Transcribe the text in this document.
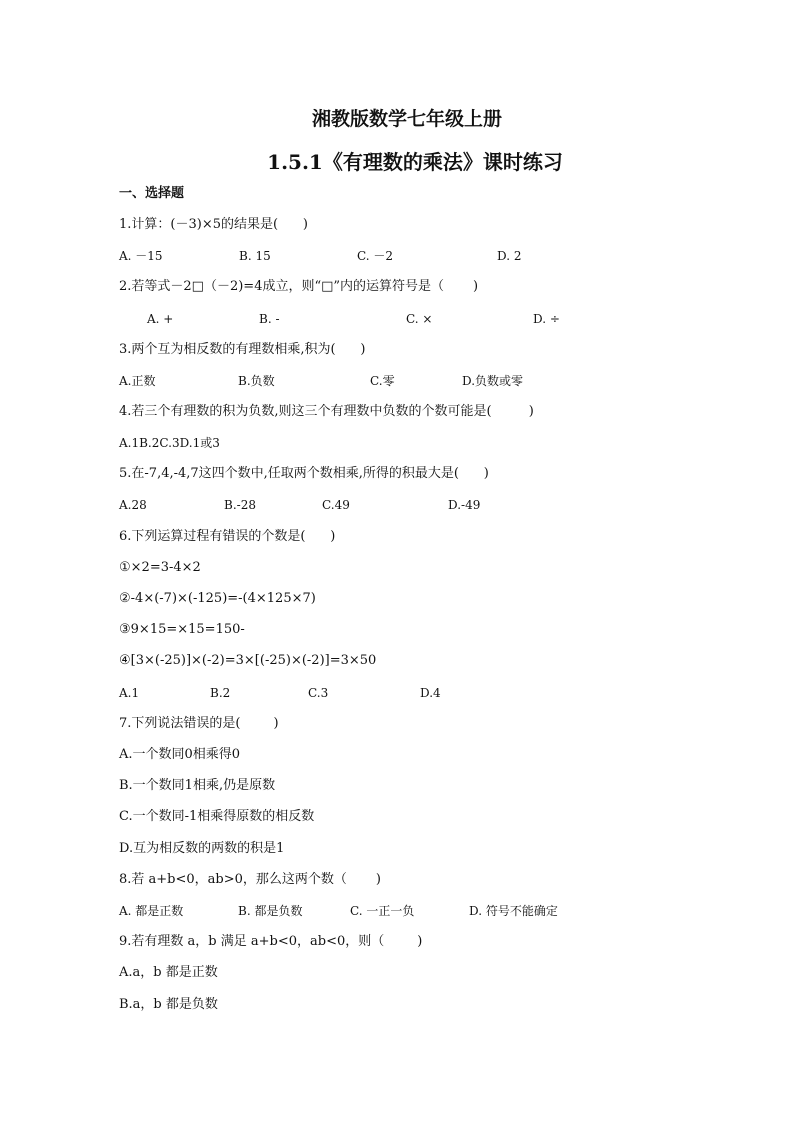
湘教版数学七年级上册
1.5.1《有理数的乘法》课时练习
一、选择题
1.计算：(－3)×5的结果是(      )
A. －15	B. 15	C. －2	D. 2
2.若等式－2□（－2)=4成立，则“□”内的运算符号是（       )
A. +	B. -	C. ×	D. ÷
3.两个互为相反数的有理数相乘,积为(      )
A.正数	B.负数	C.零	D.负数或零
4.若三个有理数的积为负数,则这三个有理数中负数的个数可能是(         )
A.1B.2C.3D.1或3
5.在-7,4,-4,7这四个数中,任取两个数相乘,所得的积最大是(      )
A.28	B.-28	C.49	D.-49
6.下列运算过程有错误的个数是(      )
①×2=3-4×2
②-4×(-7)×(-125)=-(4×125×7)
③9×15=×15=150-
④[3×(-25)]×(-2)=3×[(-25)×(-2)]=3×50
A.1	B.2	C.3	D.4
7.下列说法错误的是(        )
A.一个数同0相乘得0
B.一个数同1相乘,仍是原数
C.一个数同-1相乘得原数的相反数
D.互为相反数的两数的积是1
8.若 a+b<0，ab>0，那么这两个数（       )
A. 都是正数	B. 都是负数	C. 一正一负	D. 符号不能确定
9.若有理数 a，b 满足 a+b<0，ab<0，则（        )
A.a，b 都是正数
B.a，b 都是负数
